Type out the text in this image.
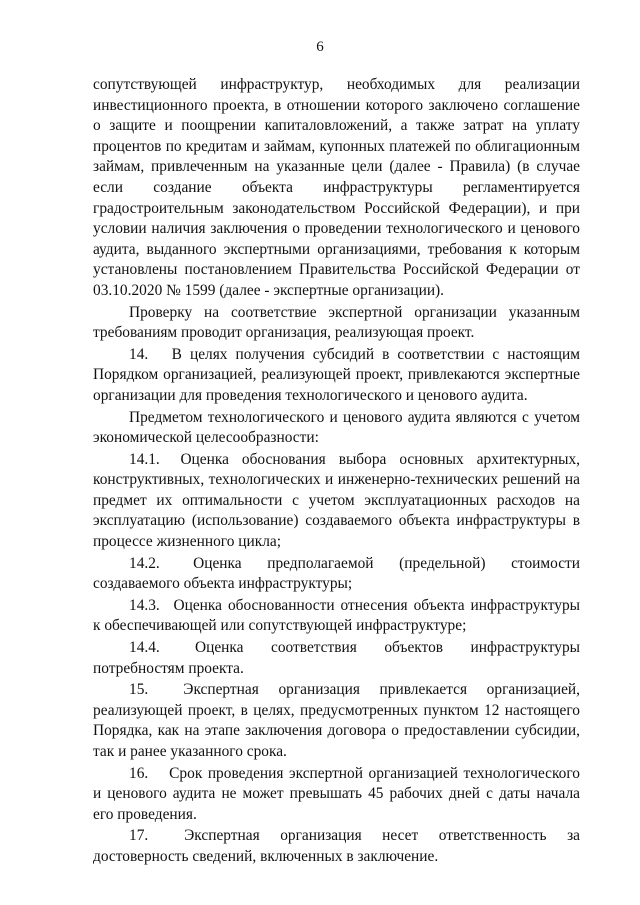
6

сопутствующей инфраструктур, необходимых для реализации инвестиционного проекта, в отношении которого заключено соглашение о защите и поощрении капиталовложений, а также затрат на уплату процентов по кредитам и займам, купонных платежей по облигационным займам, привлеченным на указанные цели (далее - Правила) (в случае если создание объекта инфраструктуры регламентируется градостроительным законодательством Российской Федерации), и при условии наличия заключения о проведении технологического и ценового аудита, выданного экспертными организациями, требования к которым установлены постановлением Правительства Российской Федерации от 03.10.2020 № 1599 (далее - экспертные организации).

Проверку на соответствие экспертной организации указанным требованиям проводит организация, реализующая проект.

14.  В целях получения субсидий в соответствии с настоящим Порядком организацией, реализующей проект, привлекаются экспертные организации для проведения технологического и ценового аудита.

Предметом технологического и ценового аудита являются с учетом экономической целесообразности:

14.1.  Оценка обоснования выбора основных архитектурных, конструктивных, технологических и инженерно-технических решений на предмет их оптимальности с учетом эксплуатационных расходов на эксплуатацию (использование) создаваемого объекта инфраструктуры в процессе жизненного цикла;

14.2.  Оценка предполагаемой (предельной) стоимости создаваемого объекта инфраструктуры;

14.3.  Оценка обоснованности отнесения объекта инфраструктуры к обеспечивающей или сопутствующей инфраструктуре;

14.4.  Оценка соответствия объектов инфраструктуры потребностям проекта.

15.  Экспертная организация привлекается организацией, реализующей проект, в целях, предусмотренных пунктом 12 настоящего Порядка, как на этапе заключения договора о предоставлении субсидии, так и ранее указанного срока.

16.  Срок проведения экспертной организацией технологического и ценового аудита не может превышать 45 рабочих дней с даты начала его проведения.

17.  Экспертная организация несет ответственность за достоверность сведений, включенных в заключение.
